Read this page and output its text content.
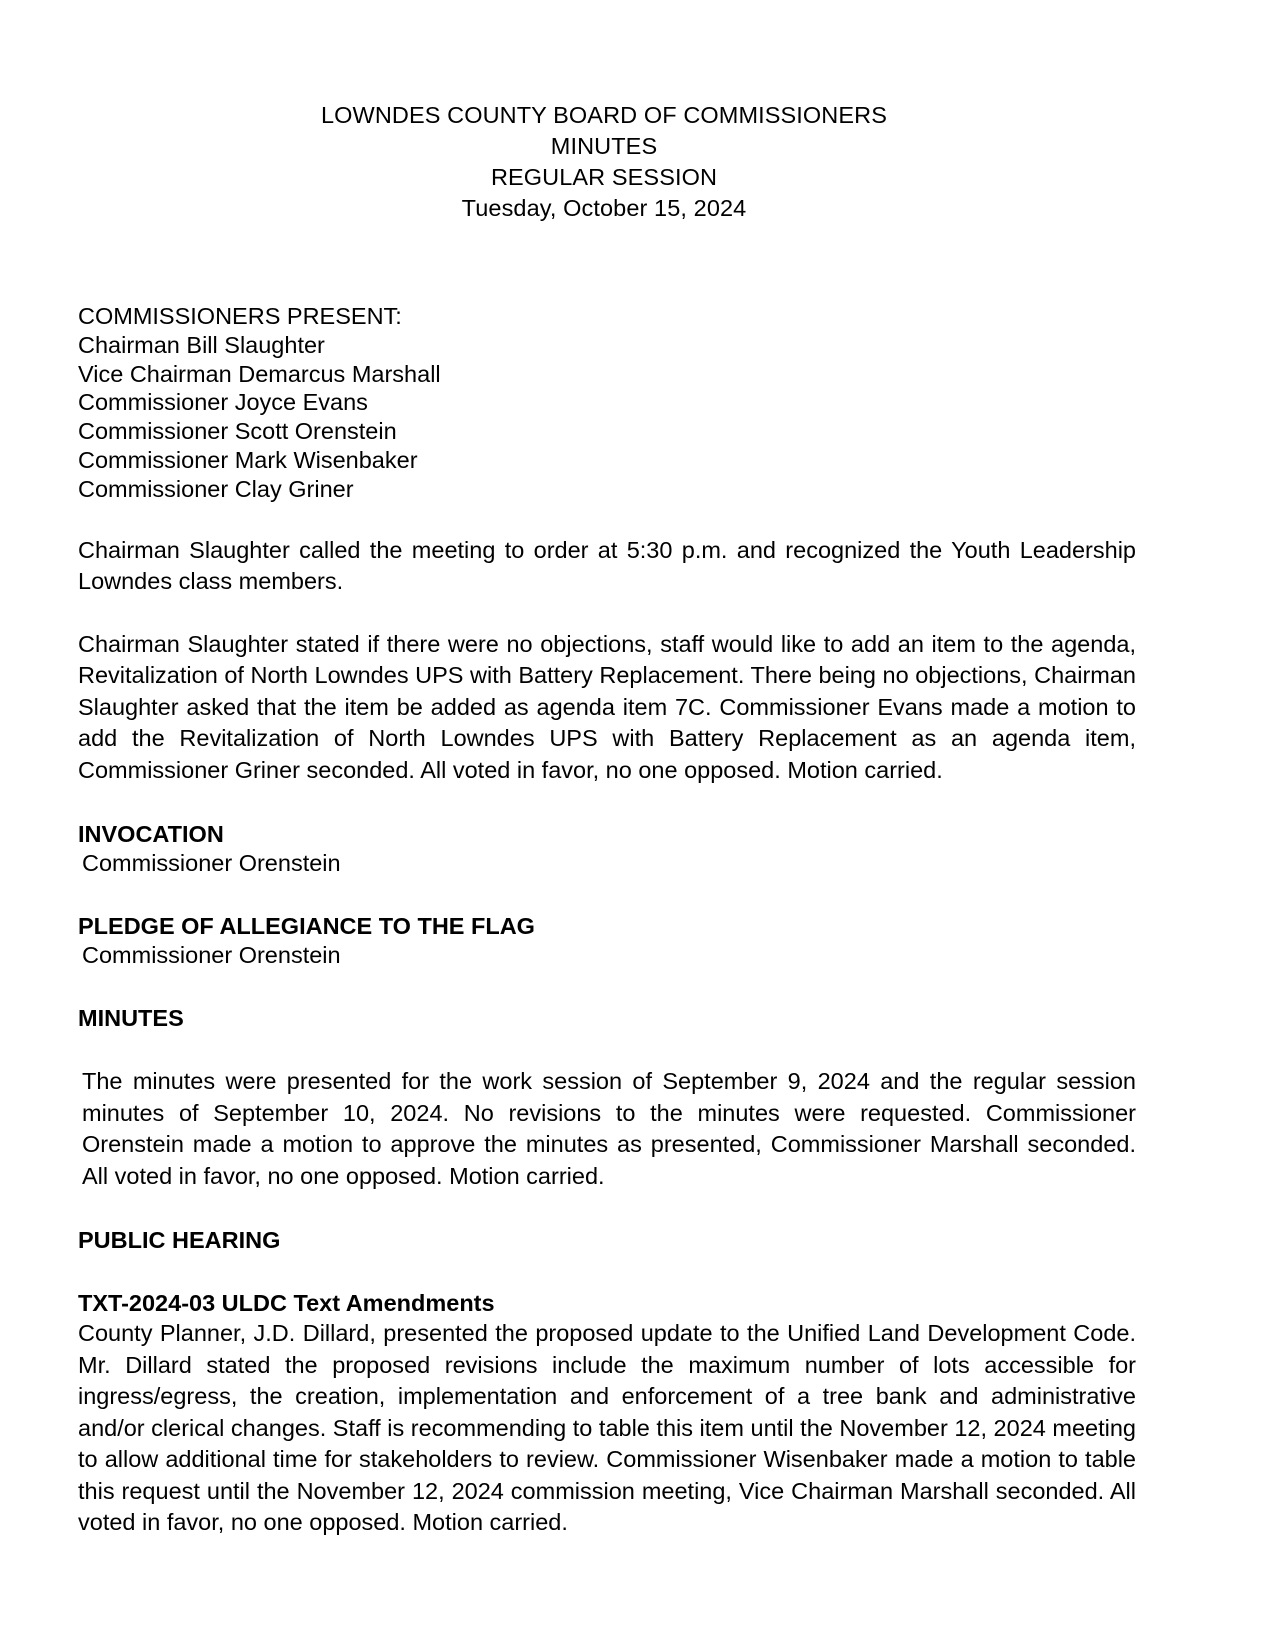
LOWNDES COUNTY BOARD OF COMMISSIONERS
MINUTES
REGULAR SESSION
Tuesday, October 15, 2024
COMMISSIONERS PRESENT:
Chairman Bill Slaughter
Vice Chairman Demarcus Marshall
Commissioner Joyce Evans
Commissioner Scott Orenstein
Commissioner Mark Wisenbaker
Commissioner Clay Griner

Chairman Slaughter called the meeting to order at 5:30 p.m. and recognized the Youth Leadership Lowndes class members.

Chairman Slaughter stated if there were no objections, staff would like to add an item to the agenda, Revitalization of North Lowndes UPS with Battery Replacement. There being no objections, Chairman Slaughter asked that the item be added as agenda item 7C. Commissioner Evans made a motion to add the Revitalization of North Lowndes UPS with Battery Replacement as an agenda item, Commissioner Griner seconded. All voted in favor, no one opposed. Motion carried.

INVOCATION
Commissioner Orenstein
PLEDGE OF ALLEGIANCE TO THE FLAG
Commissioner Orenstein
MINUTES

The minutes were presented for the work session of September 9, 2024 and the regular session minutes of September 10, 2024. No revisions to the minutes were requested. Commissioner Orenstein made a motion to approve the minutes as presented, Commissioner Marshall seconded. All voted in favor, no one opposed. Motion carried.

PUBLIC HEARING
TXT-2024-03 ULDC Text Amendments

County Planner, J.D. Dillard, presented the proposed update to the Unified Land Development Code. Mr. Dillard stated the proposed revisions include the maximum number of lots accessible for ingress/egress, the creation, implementation and enforcement of a tree bank and administrative and/or clerical changes. Staff is recommending to table this item until the November 12, 2024 meeting to allow additional time for stakeholders to review. Commissioner Wisenbaker made a motion to table this request until the November 12, 2024 commission meeting, Vice Chairman Marshall seconded. All voted in favor, no one opposed. Motion carried.
